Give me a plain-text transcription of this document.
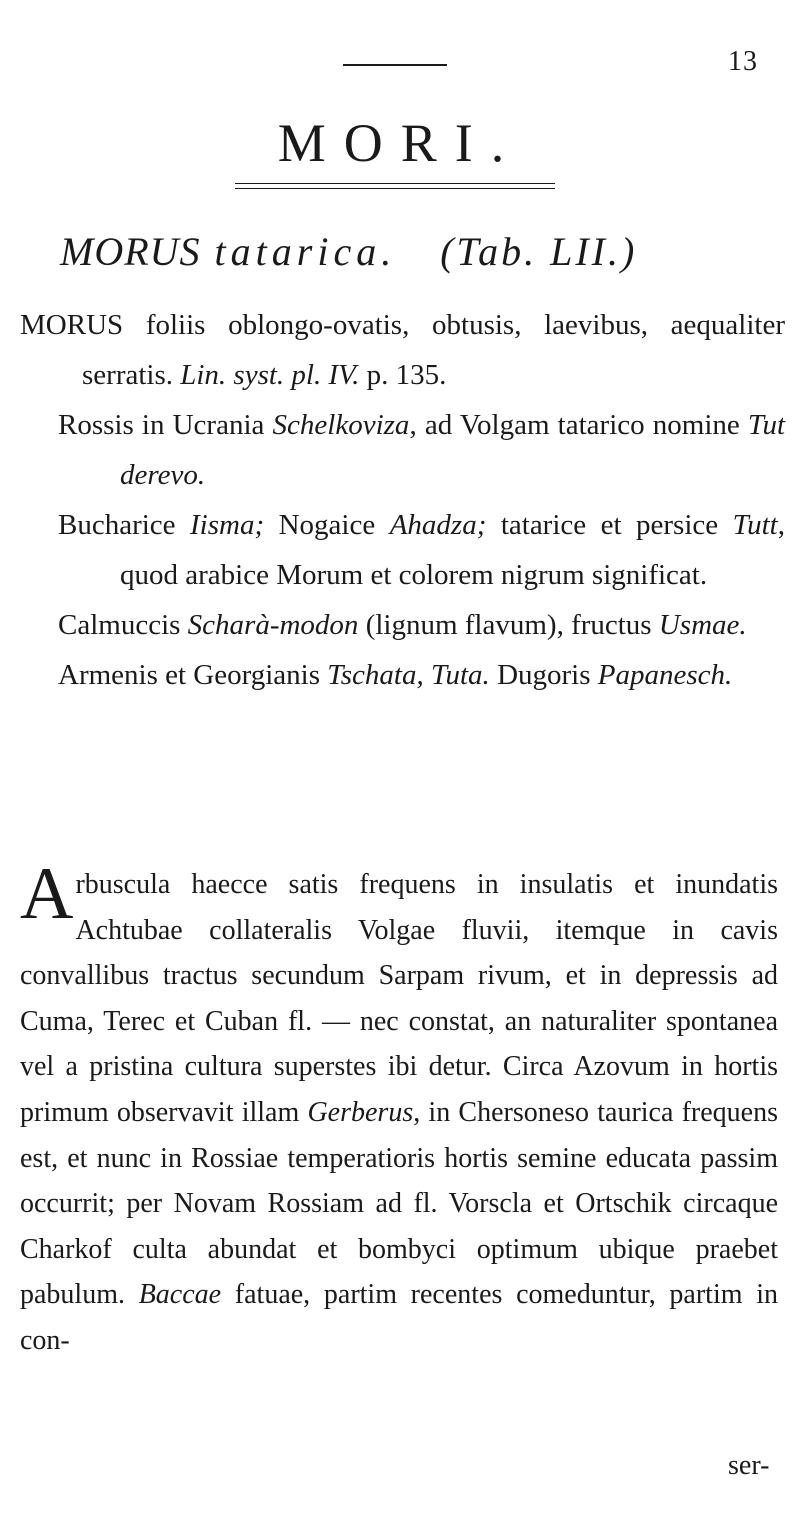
13
MORI.
MORUS tatarica. (Tab. LII.)

MORUS foliis oblongo-ovatis, obtusis, laevibus, aequaliter serratis. Lin. syst. pl. IV. p. 135.

Rossis in Ucrania Schelkoviza, ad Volgam tatarico nomine Tut derevo.

Bucharice Iisma; Nogaice Ahadza; tatarice et persice Tutt, quod arabice Morum et colorem nigrum significat.

Calmuccis Scharà-modon (lignum flavum), fructus Usmae.

Armenis et Georgianis Tschata, Tuta. Dugoris Papanesch.

Arbuscula haecce satis frequens in insulatis et inundatis Achtubae collateralis Volgae fluvii, itemque in cavis convallibus tractus secundum Sarpam rivum, et in depressis ad Cuma, Terec et Cuban fl. — nec constat, an naturaliter spontanea vel a pristina cultura superstes ibi detur. Circa Azovum in hortis primum observavit illam Gerberus, in Chersoneso taurica frequens est, et nunc in Rossiae temperatioris hortis semine educata passim occurrit; per Novam Rossiam ad fl. Vorscla et Ortschik circaque Charkof culta abundat et bombyci optimum ubique praebet pabulum. Baccae fatuae, partim recentes comeduntur, partim in con-
ser-
